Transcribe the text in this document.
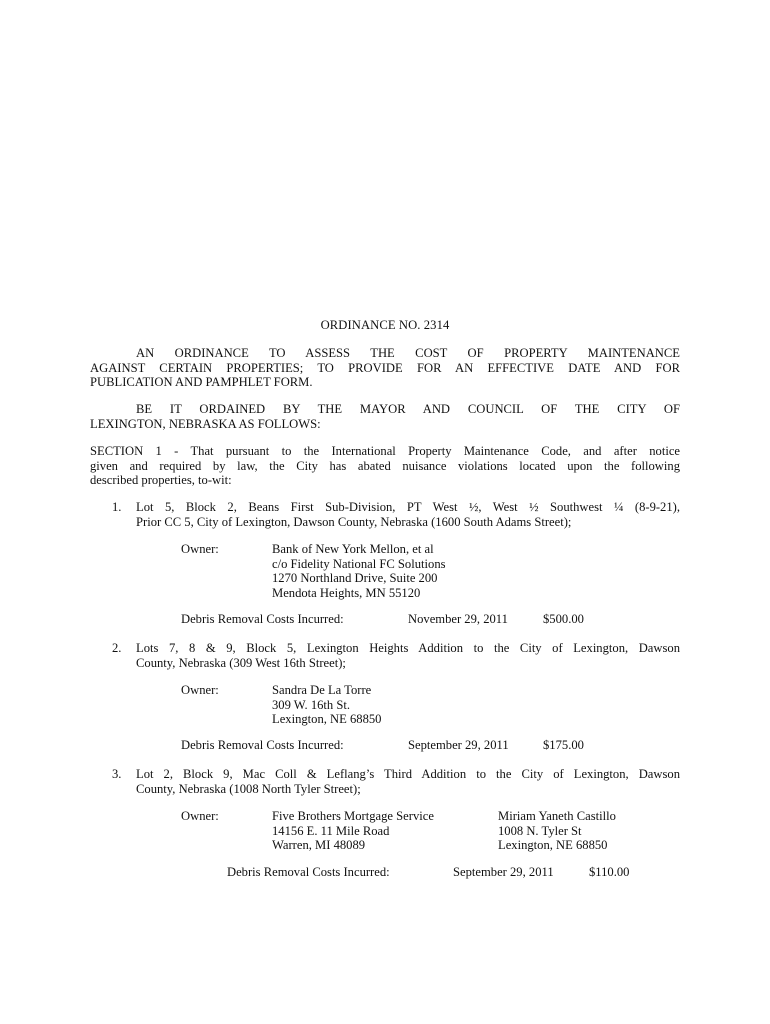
ORDINANCE NO. 2314
AN ORDINANCE TO ASSESS THE COST OF PROPERTY MAINTENANCE
AGAINST CERTAIN PROPERTIES; TO PROVIDE FOR AN EFFECTIVE DATE AND FOR
PUBLICATION AND PAMPHLET FORM.
BE IT ORDAINED BY THE MAYOR AND COUNCIL OF THE CITY OF
LEXINGTON, NEBRASKA AS FOLLOWS:
SECTION 1 - That pursuant to the International Property Maintenance Code, and after notice
given and required by law, the City has abated nuisance violations located upon the following
described properties, to-wit:
1.	Lot 5, Block 2, Beans First Sub-Division, PT West ½, West ½ Southwest ¼ (8-9-21),
Prior CC 5, City of Lexington, Dawson County, Nebraska (1600 South Adams Street);
Owner:	Bank of New York Mellon, et al
c/o Fidelity National FC Solutions
1270 Northland Drive, Suite 200
Mendota Heights, MN 55120
Debris Removal Costs Incurred:	November 29, 2011	$500.00
2.	Lots 7, 8 & 9, Block 5, Lexington Heights Addition to the City of Lexington, Dawson
County, Nebraska (309 West 16th Street);
Owner:	Sandra De La Torre
309 W. 16th St.
Lexington, NE 68850
Debris Removal Costs Incurred:	September 29, 2011	$175.00
3.	Lot 2, Block 9, Mac Coll & Leflang’s Third Addition to the City of Lexington, Dawson
County, Nebraska (1008 North Tyler Street);
Owner:	Five Brothers Mortgage Service
14156 E. 11 Mile Road
Warren, MI 48089
Miriam Yaneth Castillo
1008 N. Tyler St
Lexington, NE 68850
Debris Removal Costs Incurred:	September 29, 2011	$110.00
